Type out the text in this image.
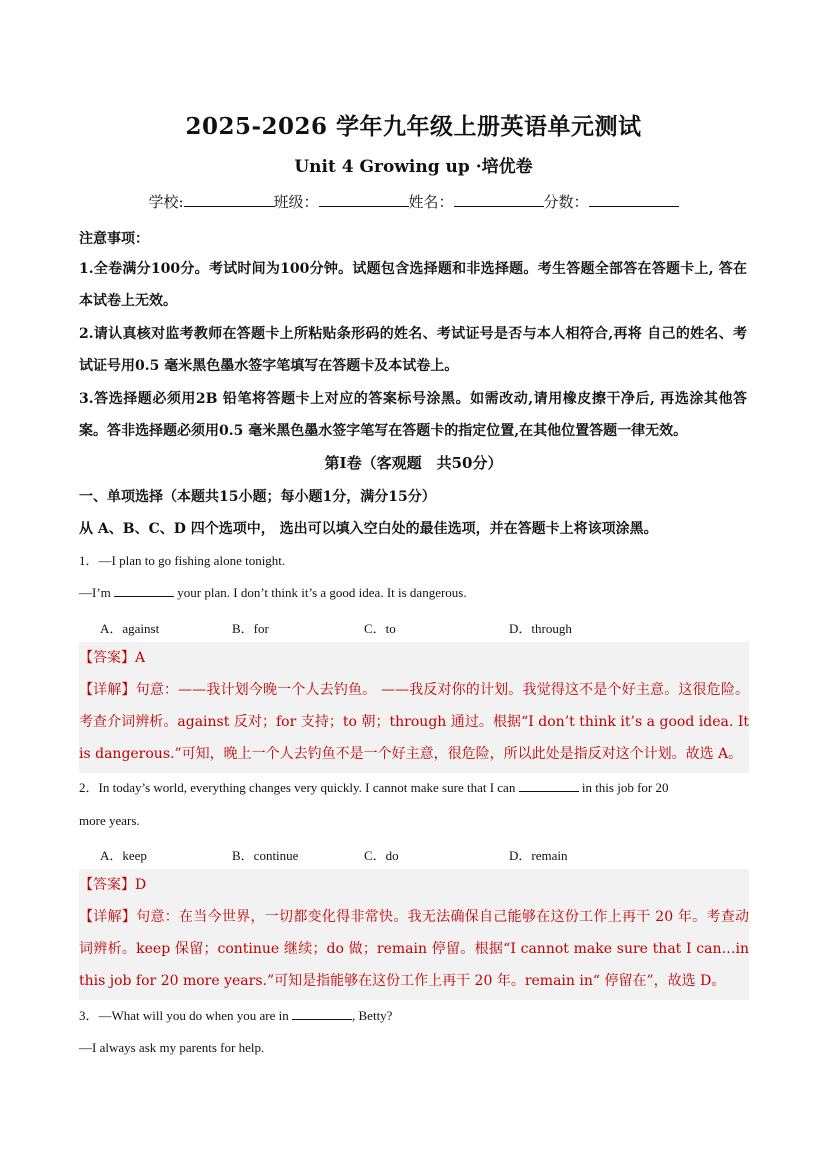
2025-2026 学年九年级上册英语单元测试
Unit 4 Growing up ·培优卷
学校:	班级：	姓名：	分数：
注意事项：
1.全卷满分100分。考试时间为100分钟。试题包含选择题和非选择题。考生答题全部答在答题卡上, 答在本试卷上无效。
2.请认真核对监考教师在答题卡上所粘贴条形码的姓名、考试证号是否与本人相符合,再将 自己的姓名、考试证号用0.5 毫米黑色墨水签字笔填写在答题卡及本试卷上。
3.答选择题必须用2B 铅笔将答题卡上对应的答案标号涂黑。如需改动,请用橡皮擦干净后, 再选涂其他答案。答非选择题必须用0.5 毫米黑色墨水签字笔写在答题卡的指定位置,在其他位置答题一律无效。
第Ⅰ卷（客观题　共50分）
一、单项选择（本题共15小题；每小题1分，满分15分）
从 A、B、C、D 四个选项中， 选出可以填入空白处的最佳选项，并在答题卡上将该项涂黑。
1．—I plan to go fishing alone tonight.
—I’m	your plan. I don’t think it’s a good idea. It is dangerous.
A．against	B．for	C．to	D．through
【答案】A
【详解】句意：——我计划今晚一个人去钓鱼。 ——我反对你的计划。我觉得这不是个好主意。这很危险。考查介词辨析。against 反对；for 支持；to 朝；through 通过。根据“I don’t think it’s a good idea. It is dangerous.”可知，晚上一个人去钓鱼不是一个好主意，很危险，所以此处是指反对这个计划。故选 A。
2．In today’s world, everything changes very quickly. I cannot make sure that I can	in this job for 20
more years.
A．keep	B．continue	C．do	D．remain
【答案】D
【详解】句意：在当今世界，一切都变化得非常快。我无法确保自己能够在这份工作上再干 20 年。考查动词辨析。keep 保留；continue 继续；do 做；remain 停留。根据“I cannot make sure that I can…in this job for 20 more years.”可知是指能够在这份工作上再干 20 年。remain in“ 停留在”，故选 D。
3．—What will you do when you are in	, Betty?
—I always ask my parents for help.
